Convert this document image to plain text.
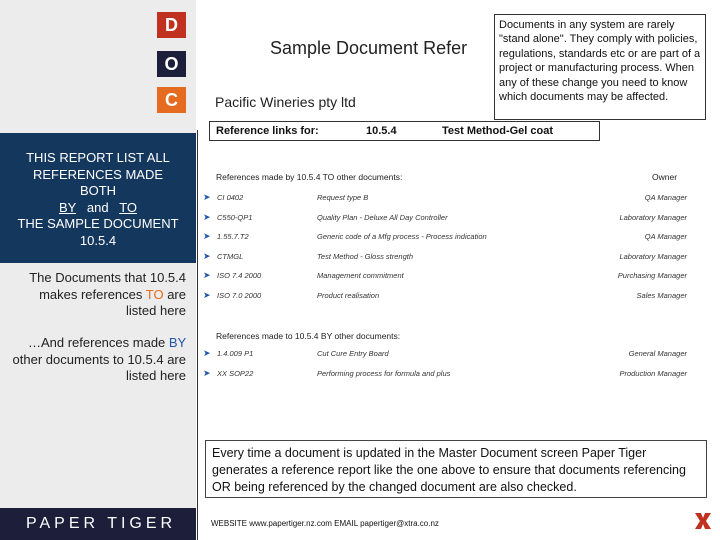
D
O
C
THIS REPORT LIST ALL
REFERENCES MADE
BOTH
BY and TO
THE SAMPLE DOCUMENT
10.5.4
The Documents that 10.5.4 makes references TO are listed here
…And references made BY other documents to 10.5.4 are listed here
PAPER TIGER
Sample Document Refer
Pacific Wineries pty ltd
Reference links for:	10.5.4	Test Method-Gel coat
References made by 10.5.4 TO other documents:	Owner
➤ CI 0402	Request type B	QA Manager
➤ C550-QP1	Quality Plan - Deluxe All Day Controller	Laboratory Manager
➤ 1.55.7.T2	Generic code of a Mfg process - Process indication	QA Manager
➤ CTMGL	Test Method - Gloss strength	Laboratory Manager
➤ ISO 7.4 2000	Management commitment	Purchasing Manager
➤ ISO 7.0 2000	Product realisation	Sales Manager
References made to 10.5.4 BY other documents:
➤ 1.4.009 P1	Cut Cure Entry Board	General Manager
➤ XX SOP22	Performing process for formula and plus	Production Manager
Documents in any system are rarely "stand alone". They comply with policies, regulations, standards etc or are part of a project or manufacturing process. When any of these change you need to know which documents may be affected.
Every time a document is updated in the Master Document screen Paper Tiger generates a reference report like the one above to ensure that documents referencing OR being referenced by the changed document are also checked.
WEBSITE www.papertiger.nz.com EMAIL papertiger@xtra.co.nz
